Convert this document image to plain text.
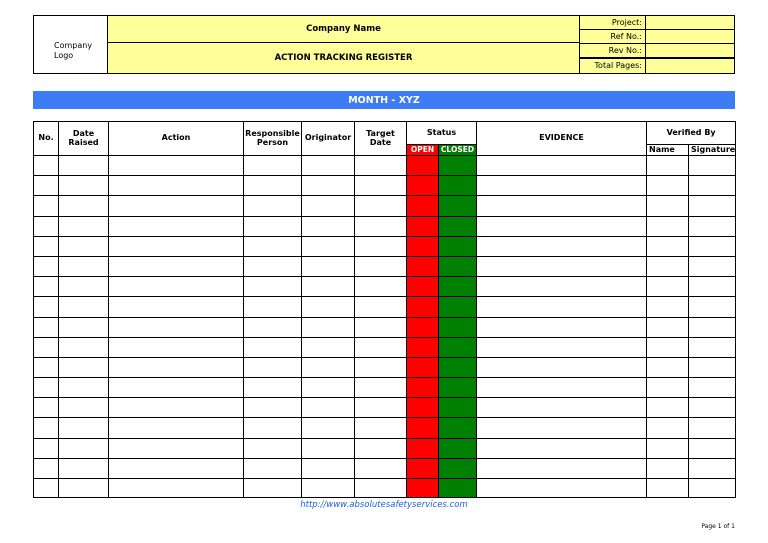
Company Logo
Company Name
ACTION TRACKING REGISTER
Project:
Ref No.:
Rev No.:
Total Pages:
MONTH - XYZ
No.	Date Raised	Action	Responsible Person	Originator	Target Date	Status		EVIDENCE	Verified By	
						OPEN	CLOSED		Name	Signature

http://www.absolutesafetyservices.com
Page 1 of 1
